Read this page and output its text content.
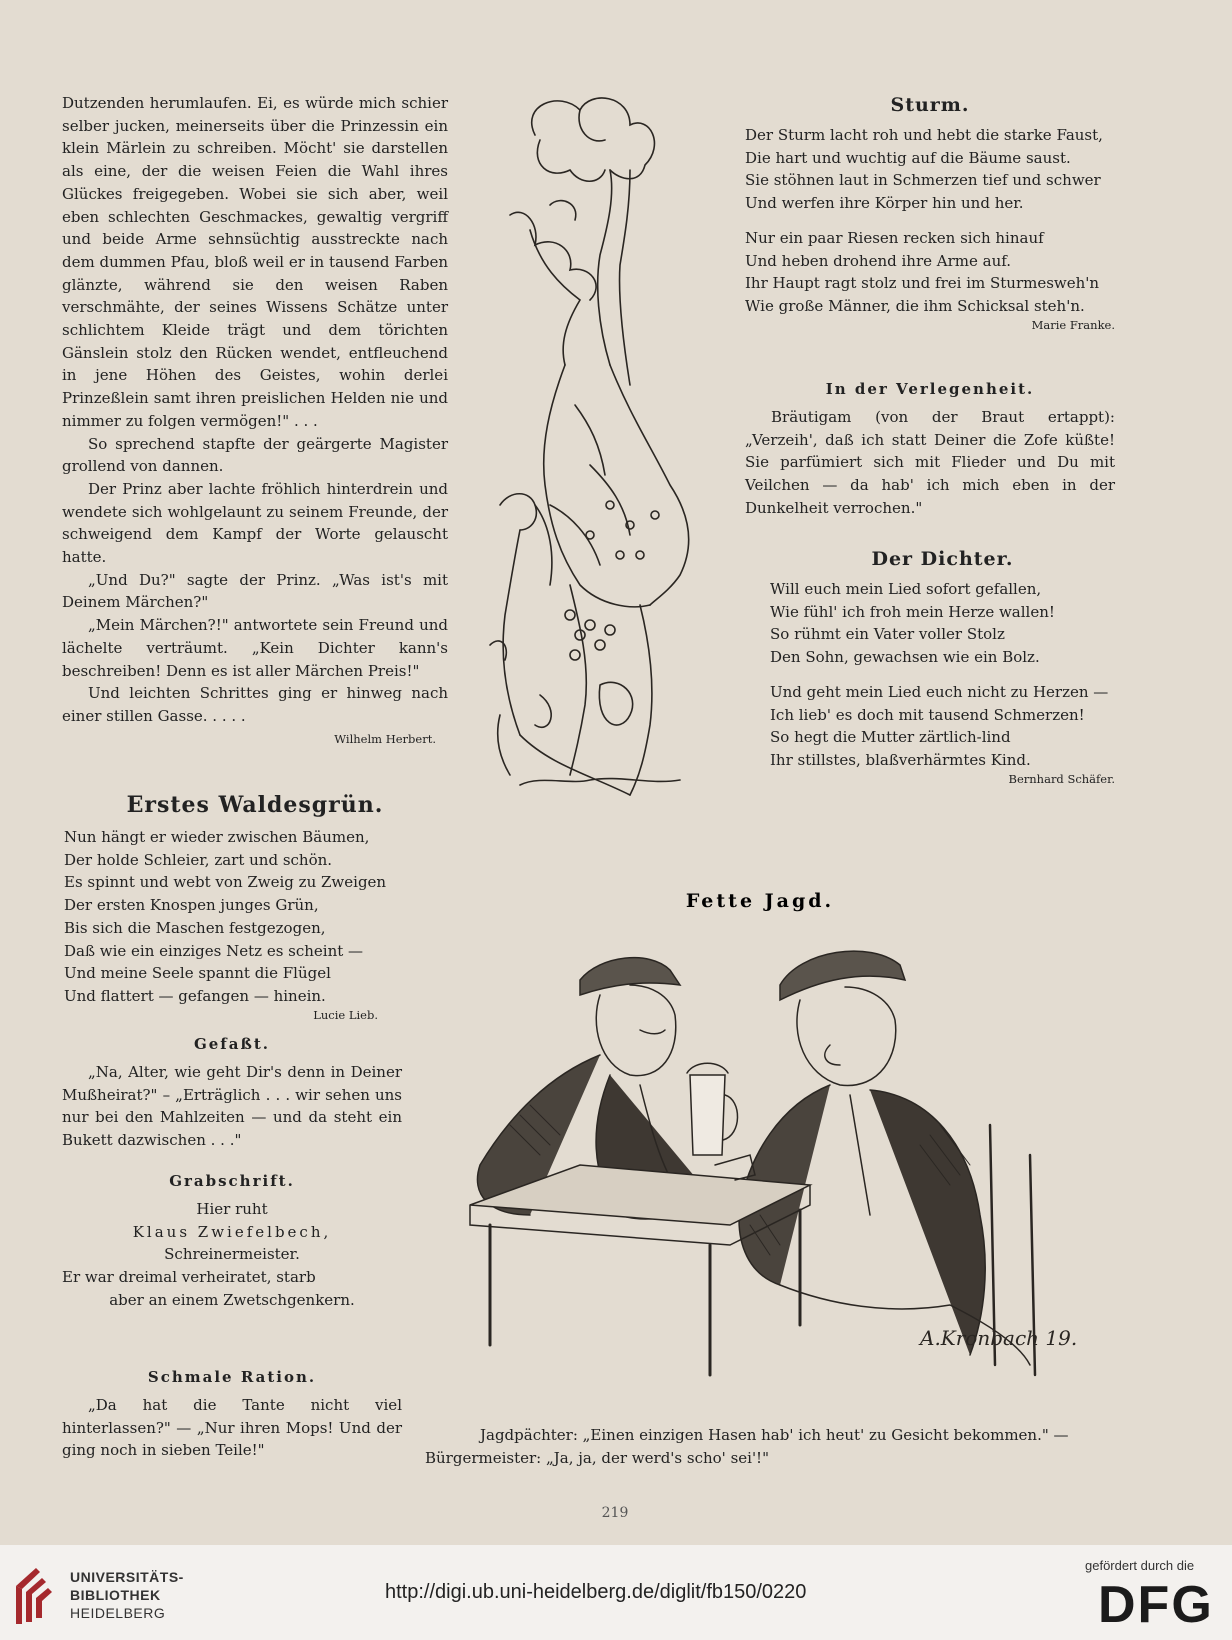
Dutzenden herumlaufen. Ei, es würde mich schier selber jucken, meinerseits über die Prinzessin ein klein Märlein zu schreiben. Möcht' sie darstellen als eine, der die weisen Feien die Wahl ihres Glückes freigegeben. Wobei sie sich aber, weil eben schlechten Geschmackes, gewaltig vergriff und beide Arme sehnsüchtig ausstreckte nach dem dummen Pfau, bloß weil er in tausend Farben glänzte, während sie den weisen Raben verschmähte, der seines Wissens Schätze unter schlichtem Kleide trägt und dem törichten Gänslein stolz den Rücken wendet, entfleuchend in jene Höhen des Geistes, wohin derlei Prinzeßlein samt ihren preislichen Helden nie und nimmer zu folgen vermögen!" . . .

So sprechend stapfte der geärgerte Magister grollend von dannen.

Der Prinz aber lachte fröhlich hinterdrein und wendete sich wohlgelaunt zu seinem Freunde, der schweigend dem Kampf der Worte gelauscht hatte.

„Und Du?" sagte der Prinz. „Was ist's mit Deinem Märchen?"

„Mein Märchen?!" antwortete sein Freund und lächelte verträumt. „Kein Dichter kann's beschreiben! Denn es ist aller Märchen Preis!"

Und leichten Schrittes ging er hinweg nach einer stillen Gasse. . . . .

Wilhelm Herbert.

Erstes Waldesgrün.

Nun hängt er wieder zwischen Bäumen,

Der holde Schleier, zart und schön.

Es spinnt und webt von Zweig zu Zweigen

Der ersten Knospen junges Grün,

Bis sich die Maschen festgezogen,

Daß wie ein einziges Netz es scheint —

Und meine Seele spannt die Flügel

Und flattert — gefangen — hinein.

Lucie Lieb.

Gefaßt.

„Na, Alter, wie geht Dir's denn in Deiner Mußheirat?" – „Erträglich . . . wir sehen uns nur bei den Mahlzeiten — und da steht ein Bukett dazwischen . . ."

Grabschrift.

Hier ruht

Klaus Zwiefelbech,

Schreinermeister.

Er war dreimal verheiratet, starb

aber an einem Zwetschgenkern.

Schmale Ration.

„Da hat die Tante nicht viel hinterlassen?" — „Nur ihren Mops! Und der ging noch in sieben Teile!"

Sturm.

Der Sturm lacht roh und hebt die starke Faust,

Die hart und wuchtig auf die Bäume saust.

Sie stöhnen laut in Schmerzen tief und schwer

Und werfen ihre Körper hin und her.

Nur ein paar Riesen recken sich hinauf

Und heben drohend ihre Arme auf.

Ihr Haupt ragt stolz und frei im Sturmesweh'n

Wie große Männer, die ihm Schicksal steh'n.

Marie Franke.

In der Verlegenheit.

Bräutigam (von der Braut ertappt): „Verzeih', daß ich statt Deiner die Zofe küßte! Sie parfümiert sich mit Flieder und Du mit Veilchen — da hab' ich mich eben in der Dunkelheit verrochen."

Der Dichter.

Will euch mein Lied sofort gefallen,

Wie fühl' ich froh mein Herze wallen!

So rühmt ein Vater voller Stolz

Den Sohn, gewachsen wie ein Bolz.

Und geht mein Lied euch nicht zu Herzen —

Ich lieb' es doch mit tausend Schmerzen!

So hegt die Mutter zärtlich-lind

Ihr stillstes, blaßverhärmtes Kind.

Bernhard Schäfer.

Fette Jagd.

A.Kronbach 19.
Jagdpächter: „Einen einzigen Hasen hab' ich heut' zu Gesicht bekommen." —
Bürgermeister: „Ja, ja, der werd's scho' sei'!"
219
UNIVERSITÄTS-
BIBLIOTHEK
HEIDELBERG
http://digi.ub.uni-heidelberg.de/diglit/fb150/0220
gefördert durch die
DFG
